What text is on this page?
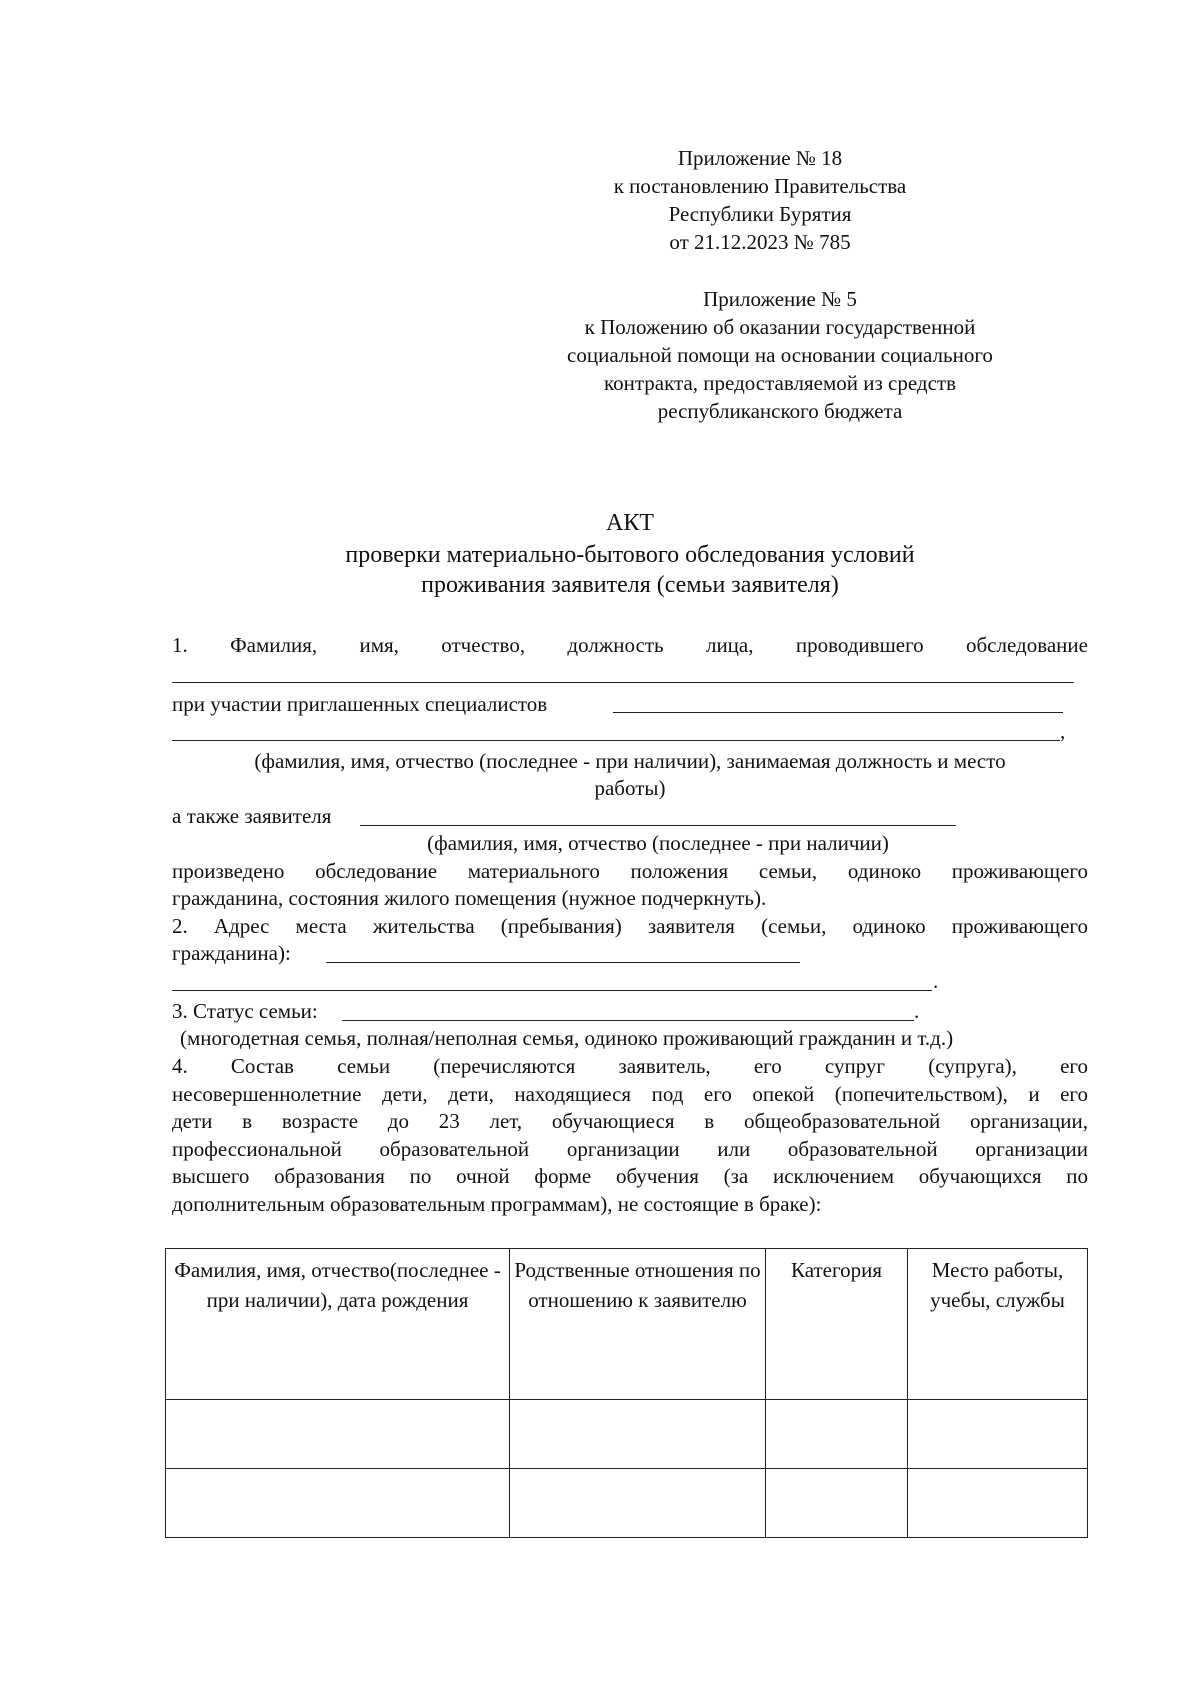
Приложение № 18
к постановлению Правительства
Республики Бурятия
от 21.12.2023 № 785
Приложение № 5
к Положению об оказании государственной
социальной помощи на основании социального
контракта, предоставляемой из средств
республиканского бюджета
АКТ
проверки материально-бытового обследования условий
проживания заявителя (семьи заявителя)
1. Фамилия, имя, отчество, должность лица, проводившего обследование
при участии приглашенных специалистов
,
(фамилия, имя, отчество (последнее - при наличии), занимаемая должность и место
работы)
а также заявителя
(фамилия, имя, отчество (последнее - при наличии)
произведено обследование материального положения семьи, одиноко проживающего
гражданина, состояния жилого помещения (нужное подчеркнуть).
2. Адрес места жительства (пребывания) заявителя (семьи, одиноко проживающего
гражданина):
.
3. Статус семьи:	.
(многодетная семья, полная/неполная семья, одиноко проживающий гражданин и т.д.)
4. Состав семьи (перечисляются заявитель, его супруг (супруга), его
несовершеннолетние дети, дети, находящиеся под его опекой (попечительством), и его
дети в возрасте до 23 лет, обучающиеся в общеобразовательной организации,
профессиональной образовательной организации или образовательной организации
высшего образования по очной форме обучения (за исключением обучающихся по
дополнительным образовательным программам), не состоящие в браке):
Фамилия, имя, отчество(последнее - при наличии), дата рождения	Родственные отношения по отношению к заявителю	Категория	Место работы, учебы, службы
